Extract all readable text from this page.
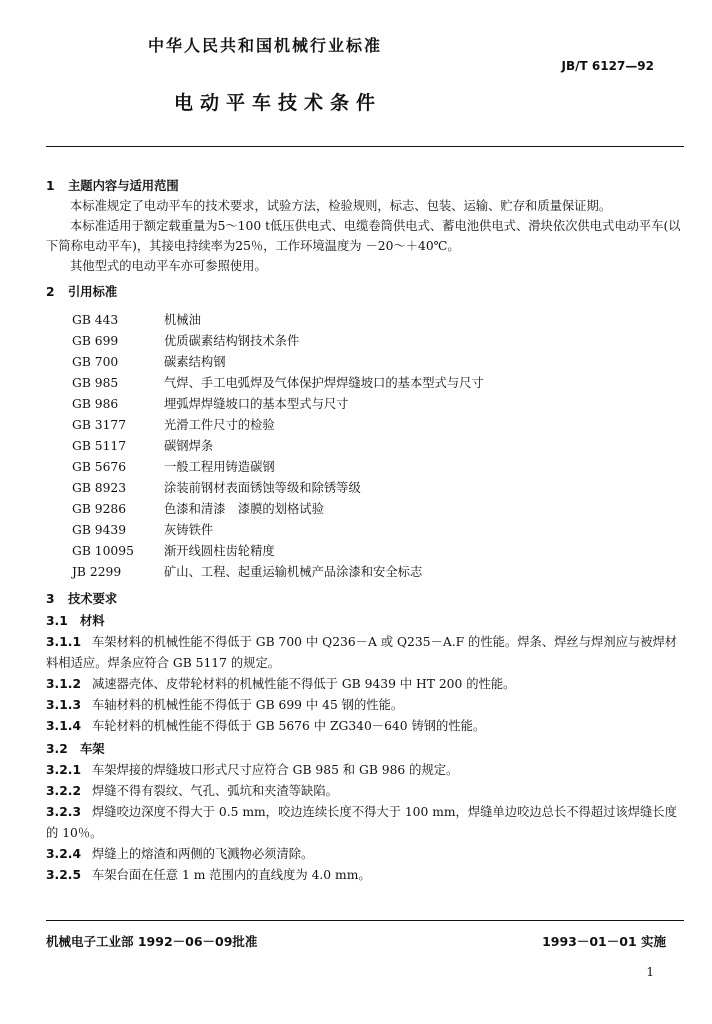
中华人民共和国机械行业标准
JB/T 6127—92
电动平车技术条件
1 主题内容与适用范围
本标准规定了电动平车的技术要求，试验方法，检验规则，标志、包装、运输、贮存和质量保证期。
本标准适用于额定载重量为5～100 t低压供电式、电缆卷筒供电式、蓄电池供电式、滑块依次供电式电动平车(以下简称电动平车)，其接电持续率为25％，工作环境温度为 －20～＋40℃。
其他型式的电动平车亦可参照使用。
2 引用标准
GB 443	机械油
GB 699	优质碳素结构钢技术条件
GB 700	碳素结构钢
GB 985	气焊、手工电弧焊及气体保护焊焊缝坡口的基本型式与尺寸
GB 986	埋弧焊焊缝坡口的基本型式与尺寸
GB 3177	光滑工件尺寸的检验
GB 5117	碳钢焊条
GB 5676	一般工程用铸造碳钢
GB 8923	涂装前钢材表面锈蚀等级和除锈等级
GB 9286	色漆和清漆　漆膜的划格试验
GB 9439	灰铸铁件
GB 10095 渐开线圆柱齿轮精度
JB 2299	矿山、工程、起重运输机械产品涂漆和安全标志
3 技术要求
3.1 材料
3.1.1 车架材料的机械性能不得低于 GB 700 中 Q236－A 或 Q235－A.F 的性能。焊条、焊丝与焊剂应与被焊材料相适应。焊条应符合 GB 5117 的规定。
3.1.2 减速器壳体、皮带轮材料的机械性能不得低于 GB 9439 中 HT 200 的性能。
3.1.3 车轴材料的机械性能不得低于 GB 699 中 45 钢的性能。
3.1.4 车轮材料的机械性能不得低于 GB 5676 中 ZG340－640 铸钢的性能。
3.2 车架
3.2.1 车架焊接的焊缝坡口形式尺寸应符合 GB 985 和 GB 986 的规定。
3.2.2 焊缝不得有裂纹、气孔、弧坑和夹渣等缺陷。
3.2.3 焊缝咬边深度不得大于 0.5 mm，咬边连续长度不得大于 100 mm，焊缝单边咬边总长不得超过该焊缝长度的 10％。
3.2.4 焊缝上的熔渣和两侧的飞溅物必须清除。
3.2.5 车架台面在任意 1 m 范围内的直线度为 4.0 mm。
机械电子工业部 1992－06－09批准	1993－01－01 实施
1
